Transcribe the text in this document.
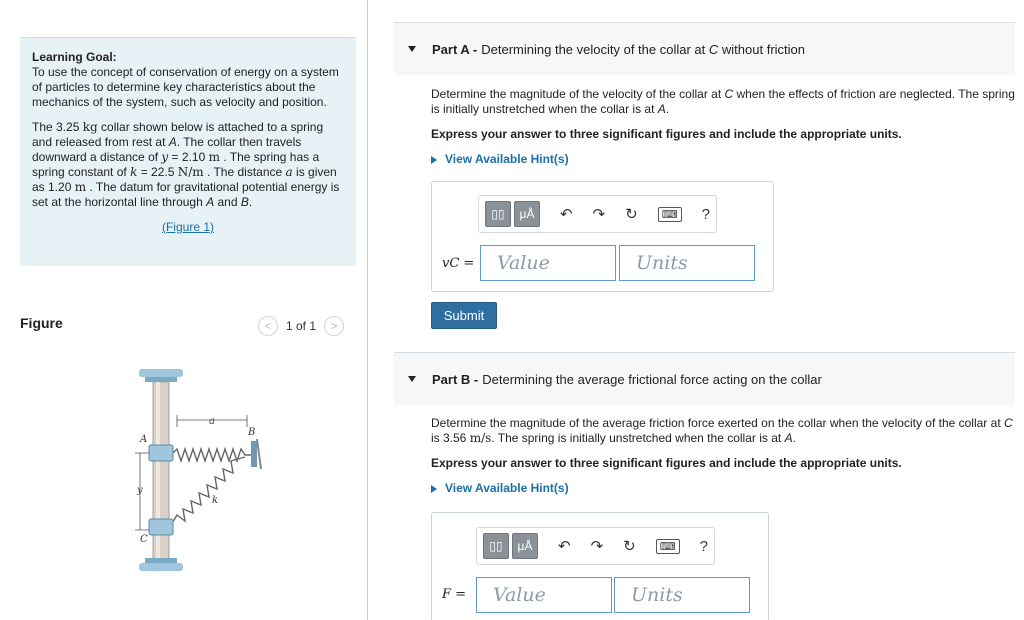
Learning Goal:

To use the concept of conservation of energy on a system of particles to determine key characteristics about the mechanics of the system, such as velocity and position.

The 3.25 kg collar shown below is attached to a spring and released from rest at A. The collar then travels downward a distance of y = 2.10 m . The spring has a spring constant of k = 22.5 N/m . The distance a is given as 1.20 m . The datum for gravitational potential energy is set at the horizontal line through A and B.

(Figure 1)
Figure	< 1 of 1 >
a
y
A
B
k
C
Part A - Determining the velocity of the collar at C without friction

Determine the magnitude of the velocity of the collar at C when the effects of friction are neglected. The spring is initially unstretched when the collar is at A.

Express your answer to three significant figures and include the appropriate units.

View Available Hint(s)
▯▯ μÅ ↶ ↷ ↻	⌨ ?
vC =	Value	Units
Submit
Part B - Determining the average frictional force acting on the collar

Determine the magnitude of the average friction force exerted on the collar when the velocity of the collar at C is 3.56 m/s. The spring is initially unstretched when the collar is at A.

Express your answer to three significant figures and include the appropriate units.

View Available Hint(s)
▯▯ μÅ ↶ ↷ ↻	⌨ ?
F =	Value	Units
